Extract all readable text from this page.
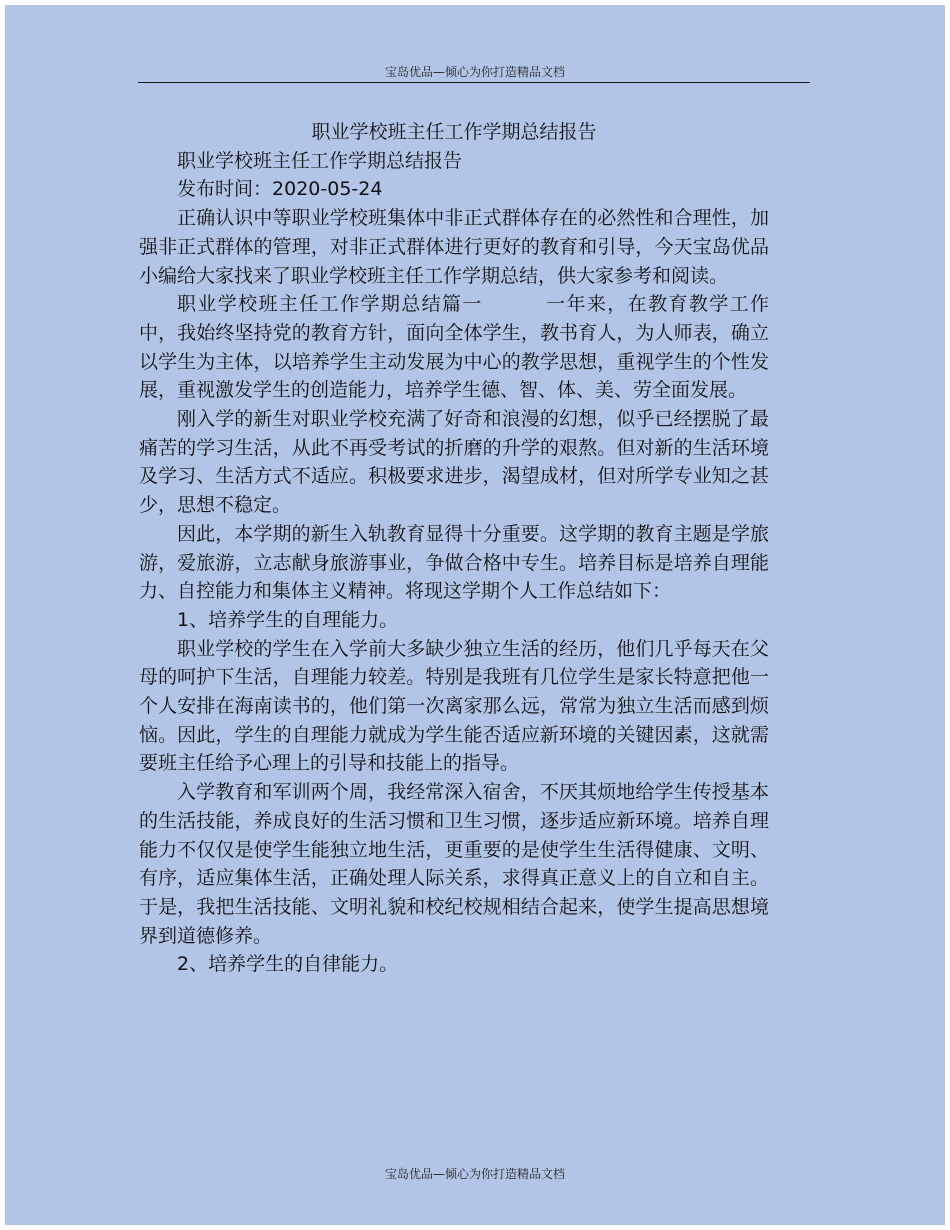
宝岛优品—倾心为你打造精品文档

职业学校班主任工作学期总结报告

职业学校班主任工作学期总结报告

发布时间：2020-05-24

正确认识中等职业学校班集体中非正式群体存在的必然性和合理性，加强非正式群体的管理，对非正式群体进行更好的教育和引导，今天宝岛优品小编给大家找来了职业学校班主任工作学期总结，供大家参考和阅读。

职业学校班主任工作学期总结篇一	一年来，在教育教学工作中，我始终坚持党的教育方针，面向全体学生，教书育人，为人师表，确立以学生为主体，以培养学生主动发展为中心的教学思想，重视学生的个性发展，重视激发学生的创造能力，培养学生德、智、体、美、劳全面发展。

刚入学的新生对职业学校充满了好奇和浪漫的幻想，似乎已经摆脱了最痛苦的学习生活，从此不再受考试的折磨的升学的艰熬。但对新的生活环境及学习、生活方式不适应。积极要求进步，渴望成材，但对所学专业知之甚少，思想不稳定。

因此，本学期的新生入轨教育显得十分重要。这学期的教育主题是学旅游，爱旅游，立志献身旅游事业，争做合格中专生。培养目标是培养自理能力、自控能力和集体主义精神。将现这学期个人工作总结如下：

1、培养学生的自理能力。

职业学校的学生在入学前大多缺少独立生活的经历，他们几乎每天在父母的呵护下生活，自理能力较差。特别是我班有几位学生是家长特意把他一个人安排在海南读书的，他们第一次离家那么远，常常为独立生活而感到烦恼。因此，学生的自理能力就成为学生能否适应新环境的关键因素，这就需要班主任给予心理上的引导和技能上的指导。

入学教育和军训两个周，我经常深入宿舍，不厌其烦地给学生传授基本的生活技能，养成良好的生活习惯和卫生习惯，逐步适应新环境。培养自理能力不仅仅是使学生能独立地生活，更重要的是使学生生活得健康、文明、有序，适应集体生活，正确处理人际关系，求得真正意义上的自立和自主。于是，我把生活技能、文明礼貌和校纪校规相结合起来，使学生提高思想境界到道德修养。

2、培养学生的自律能力。

宝岛优品—倾心为你打造精品文档
